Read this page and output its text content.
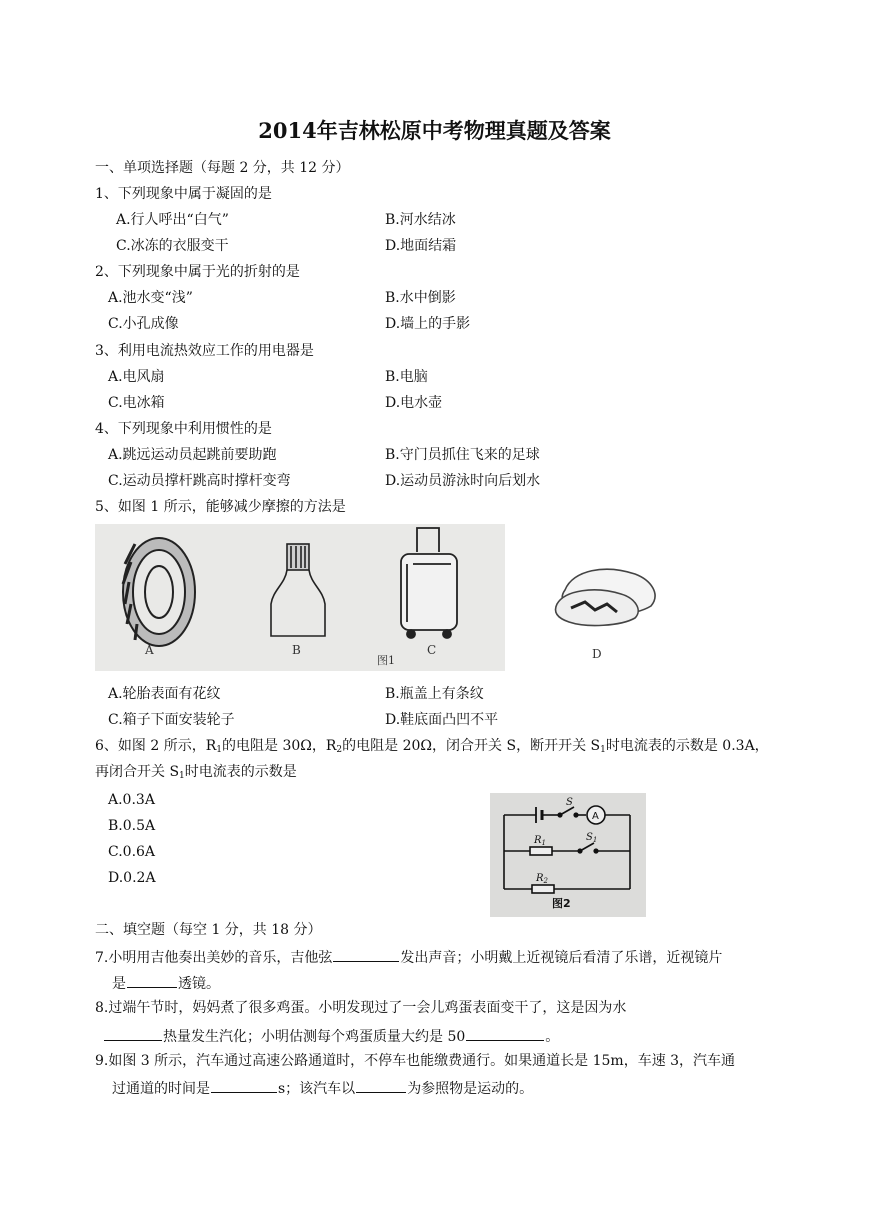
2014年吉林松原中考物理真题及答案
一、单项选择题（每题 2 分，共 12 分）
1、下列现象中属于凝固的是
A.行人呼出“白气”	B.河水结冰
C.冰冻的衣服变干	D.地面结霜
2、下列现象中属于光的折射的是
A.池水变“浅”	B.水中倒影
C.小孔成像	D.墙上的手影
3、利用电流热效应工作的用电器是
A.电风扇	B.电脑
C.电冰箱	D.电水壶
4、下列现象中利用惯性的是
A.跳远运动员起跳前要助跑	B.守门员抓住飞来的足球
C.运动员撑杆跳高时撑杆变弯	D.运动员游泳时向后划水
5、如图 1 所示，能够减少摩擦的方法是
A	B
图1
C	D
A.轮胎表面有花纹	B.瓶盖上有条纹
C.箱子下面安装轮子	D.鞋底面凸凹不平
6、如图 2 所示，$R_1$的电阻是 30Ω，$R_2$的电阻是 20Ω，闭合开关 S，断开开关 $S_1$时电流表的示数是 0.3A，
再闭合开关 $S_1$时电流表的示数是
A.0.3A
B.0.5A
C.0.6A
D.0.2A
S
A
$S_1$
$R_1$
$R_2$
图2
二、填空题（每空 1 分，共 18 分）
7.小明用吉他奏出美妙的音乐，吉他弦	发出声音；小明戴上近视镜后看清了乐谱，近视镜片
是	透镜。
8.过端午节时，妈妈煮了很多鸡蛋。小明发现过了一会儿鸡蛋表面变干了，这是因为水
热量发生汽化；小明估测每个鸡蛋质量大约是 50	。
9.如图 3 所示，汽车通过高速公路通道时，不停车也能缴费通行。如果通道长是 15m，车速 3，汽车通
过通道的时间是	s；该汽车以	为参照物是运动的。
